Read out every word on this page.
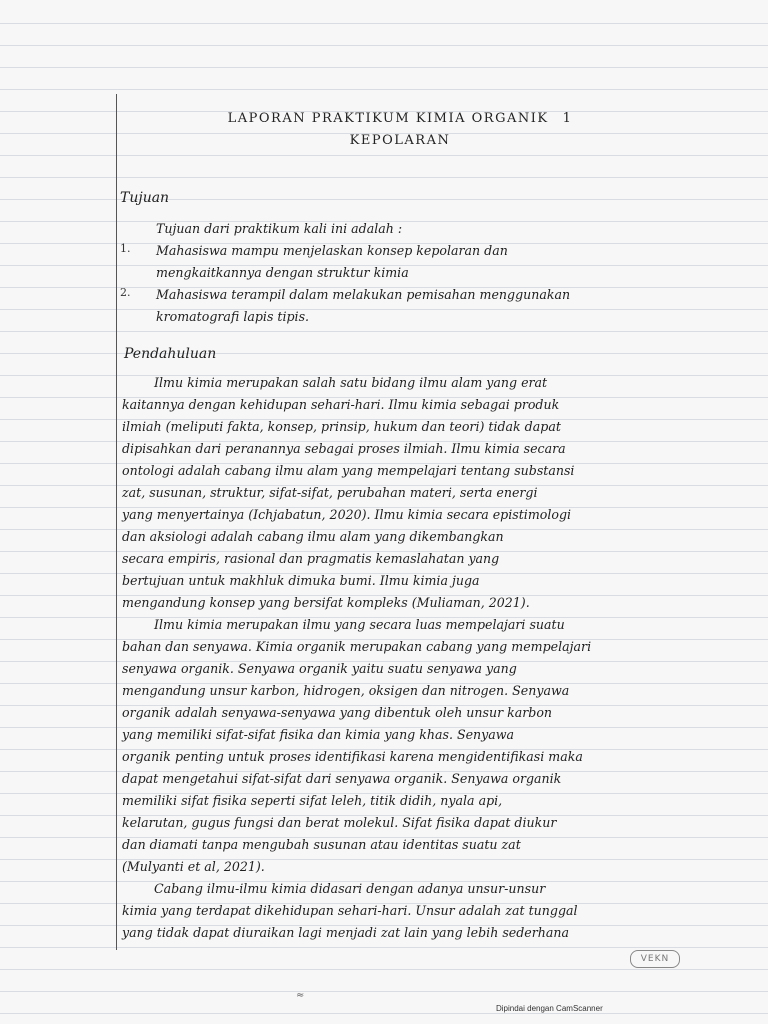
LAPORAN PRAKTIKUM KIMIA ORGANIK 1
KEPOLARAN
Tujuan
Tujuan dari praktikum kali ini adalah :
1. Mahasiswa mampu menjelaskan konsep kepolaran dan
mengkaitkannya dengan struktur kimia
2. Mahasiswa terampil dalam melakukan pemisahan menggunakan
kromatografi lapis tipis.
Pendahuluan
Ilmu kimia merupakan salah satu bidang ilmu alam yang erat
kaitannya dengan kehidupan sehari-hari. Ilmu kimia sebagai produk
ilmiah (meliputi fakta, konsep, prinsip, hukum dan teori) tidak dapat
dipisahkan dari peranannya sebagai proses ilmiah. Ilmu kimia secara
ontologi adalah cabang ilmu alam yang mempelajari tentang substansi
zat, susunan, struktur, sifat-sifat, perubahan materi, serta energi
yang menyertainya (Ichjabatun, 2020). Ilmu kimia secara epistimologi
dan aksiologi adalah cabang ilmu alam yang dikembangkan
secara empiris, rasional dan pragmatis kemaslahatan yang
bertujuan untuk makhluk dimuka bumi. Ilmu kimia juga
mengandung konsep yang bersifat kompleks (Muliaman, 2021).
Ilmu kimia merupakan ilmu yang secara luas mempelajari suatu
bahan dan senyawa. Kimia organik merupakan cabang yang mempelajari
senyawa organik. Senyawa organik yaitu suatu senyawa yang
mengandung unsur karbon, hidrogen, oksigen dan nitrogen. Senyawa
organik adalah senyawa-senyawa yang dibentuk oleh unsur karbon
yang memiliki sifat-sifat fisika dan kimia yang khas. Senyawa
organik penting untuk proses identifikasi karena mengidentifikasi maka
dapat mengetahui sifat-sifat dari senyawa organik. Senyawa organik
memiliki sifat fisika seperti sifat leleh, titik didih, nyala api,
kelarutan, gugus fungsi dan berat molekul. Sifat fisika dapat diukur
dan diamati tanpa mengubah susunan atau identitas suatu zat
(Mulyanti et al, 2021).
Cabang ilmu-ilmu kimia didasari dengan adanya unsur-unsur
kimia yang terdapat dikehidupan sehari-hari. Unsur adalah zat tunggal
yang tidak dapat diuraikan lagi menjadi zat lain yang lebih sederhana
≈
VEKN
Dipindai dengan CamScanner
